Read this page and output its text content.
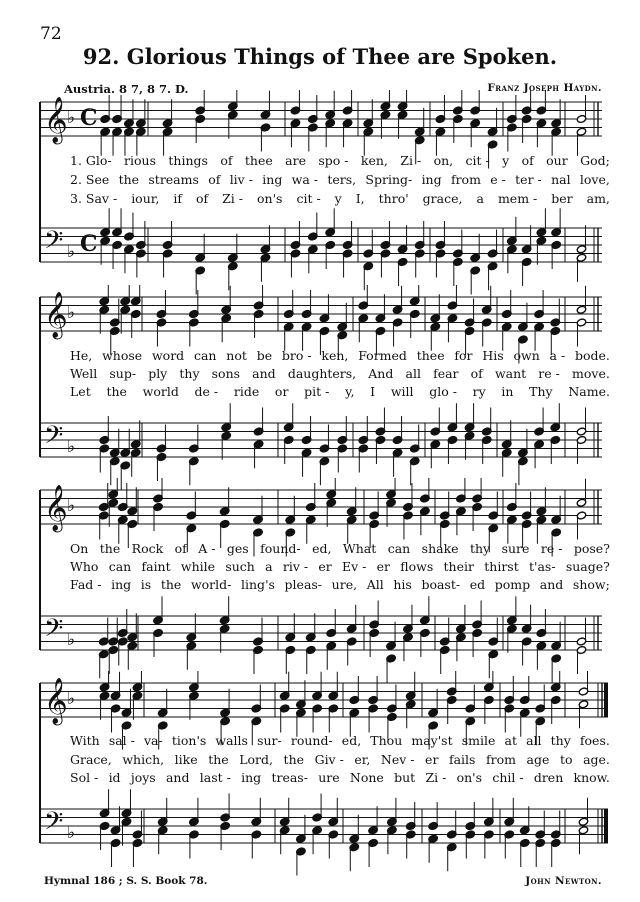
72
92. Glorious Things of Thee are Spoken.
Austria. 8 7, 8 7. D.	Franz Joseph Haydn.
𝄞 ♭ C
𝄢 ♭ C
𝄞 ♭
𝄢 ♭
𝄞 ♭
𝄢 ♭
𝄞 ♭
𝄢 ♭
1. Glo- rious things of thee are spo - ken, Zi - on, cit - y of our God;
2. See the streams of liv - ing wa - ters, Spring- ing from e - ter - nal love,
3. Sav - iour, if of Zi - on's cit - y I, thro' grace, a mem - ber am,
He, whose word can not be bro - ken, Formed thee for His own a - bode.
Well sup- ply thy sons and daughters, And all fear of want re - move.
Let the world de - ride or pit - y, I will glo - ry in Thy Name.
On the Rock of A - ges found- ed, What can shake thy sure re - pose?
Who can faint while such a riv - er Ev - er flows their thirst t'as- suage?
Fad - ing is the world- ling's pleas- ure, All his boast- ed pomp and show;
With sal - va- tion's walls sur- round- ed, Thou may'st smile at all thy foes.
Grace, which, like the Lord, the Giv - er, Nev - er fails from age to age.
Sol - id joys and last - ing treas- ure None but Zi - on's chil - dren know.
Hymnal 186 ; S. S. Book 78.	John Newton.
